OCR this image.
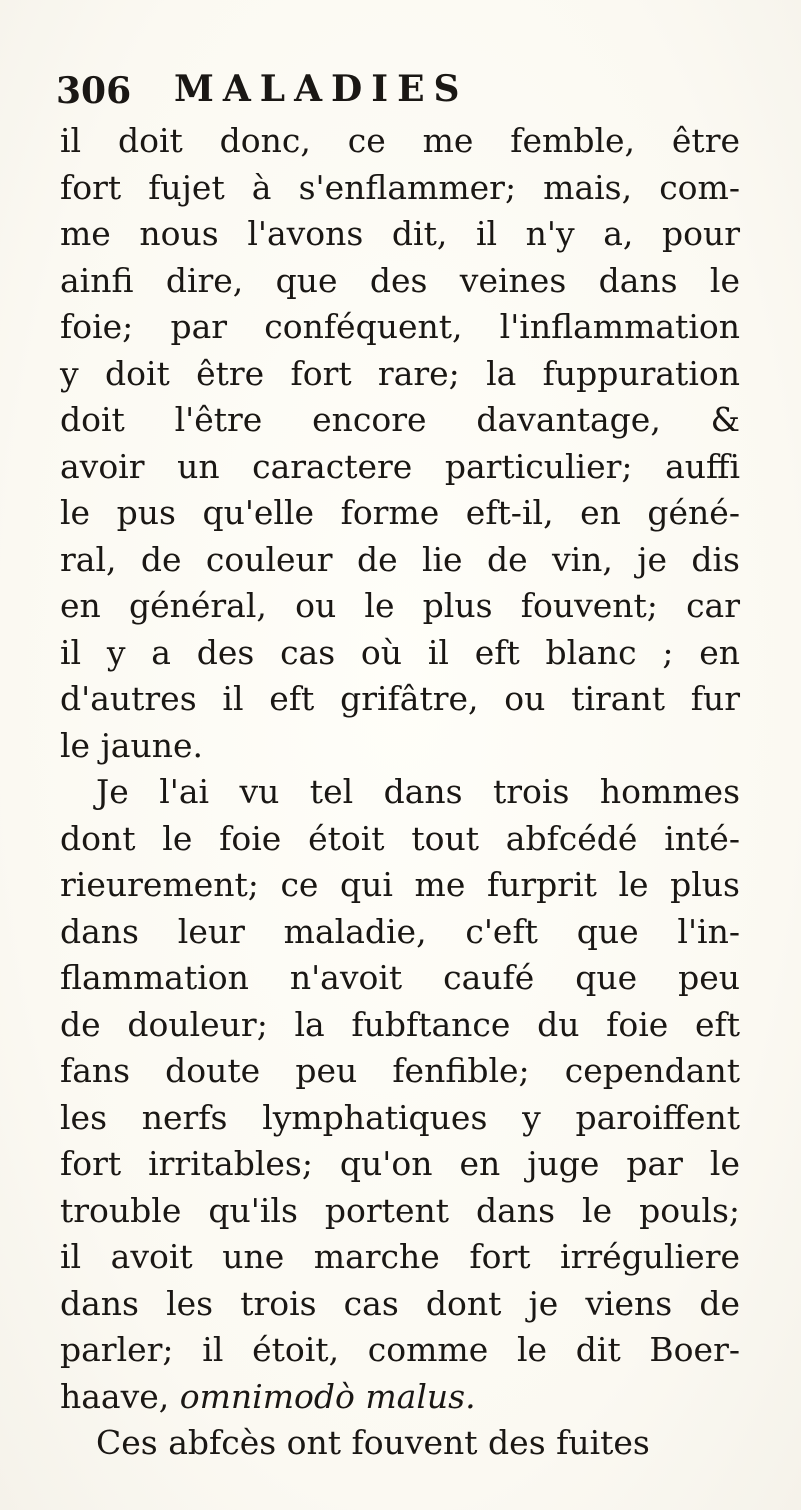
306 MALADIES
il doit donc, ce me femble, être
fort fujet à s'enflammer; mais, com-
me nous l'avons dit, il n'y a, pour
ainfi dire, que des veines dans le
foie; par conféquent, l'inflammation
y doit être fort rare; la fuppuration
doit l'être encore davantage, &
avoir un caractere particulier; auffi
le pus qu'elle forme eft-il, en géné-
ral, de couleur de lie de vin, je dis
en général, ou le plus fouvent; car
il y a des cas où il eft blanc ; en
d'autres il eft grifâtre, ou tirant fur
le jaune.
Je l'ai vu tel dans trois hommes
dont le foie étoit tout abfcédé inté-
rieurement; ce qui me furprit le plus
dans leur maladie, c'eft que l'in-
flammation n'avoit caufé que peu
de douleur; la fubftance du foie eft
fans doute peu fenfible; cependant
les nerfs lymphatiques y paroiffent
fort irritables; qu'on en juge par le
trouble qu'ils portent dans le pouls;
il avoit une marche fort irréguliere
dans les trois cas dont je viens de
parler; il étoit, comme le dit Boer-
haave, omnimodò malus.
Ces abfcès ont fouvent des fuites
